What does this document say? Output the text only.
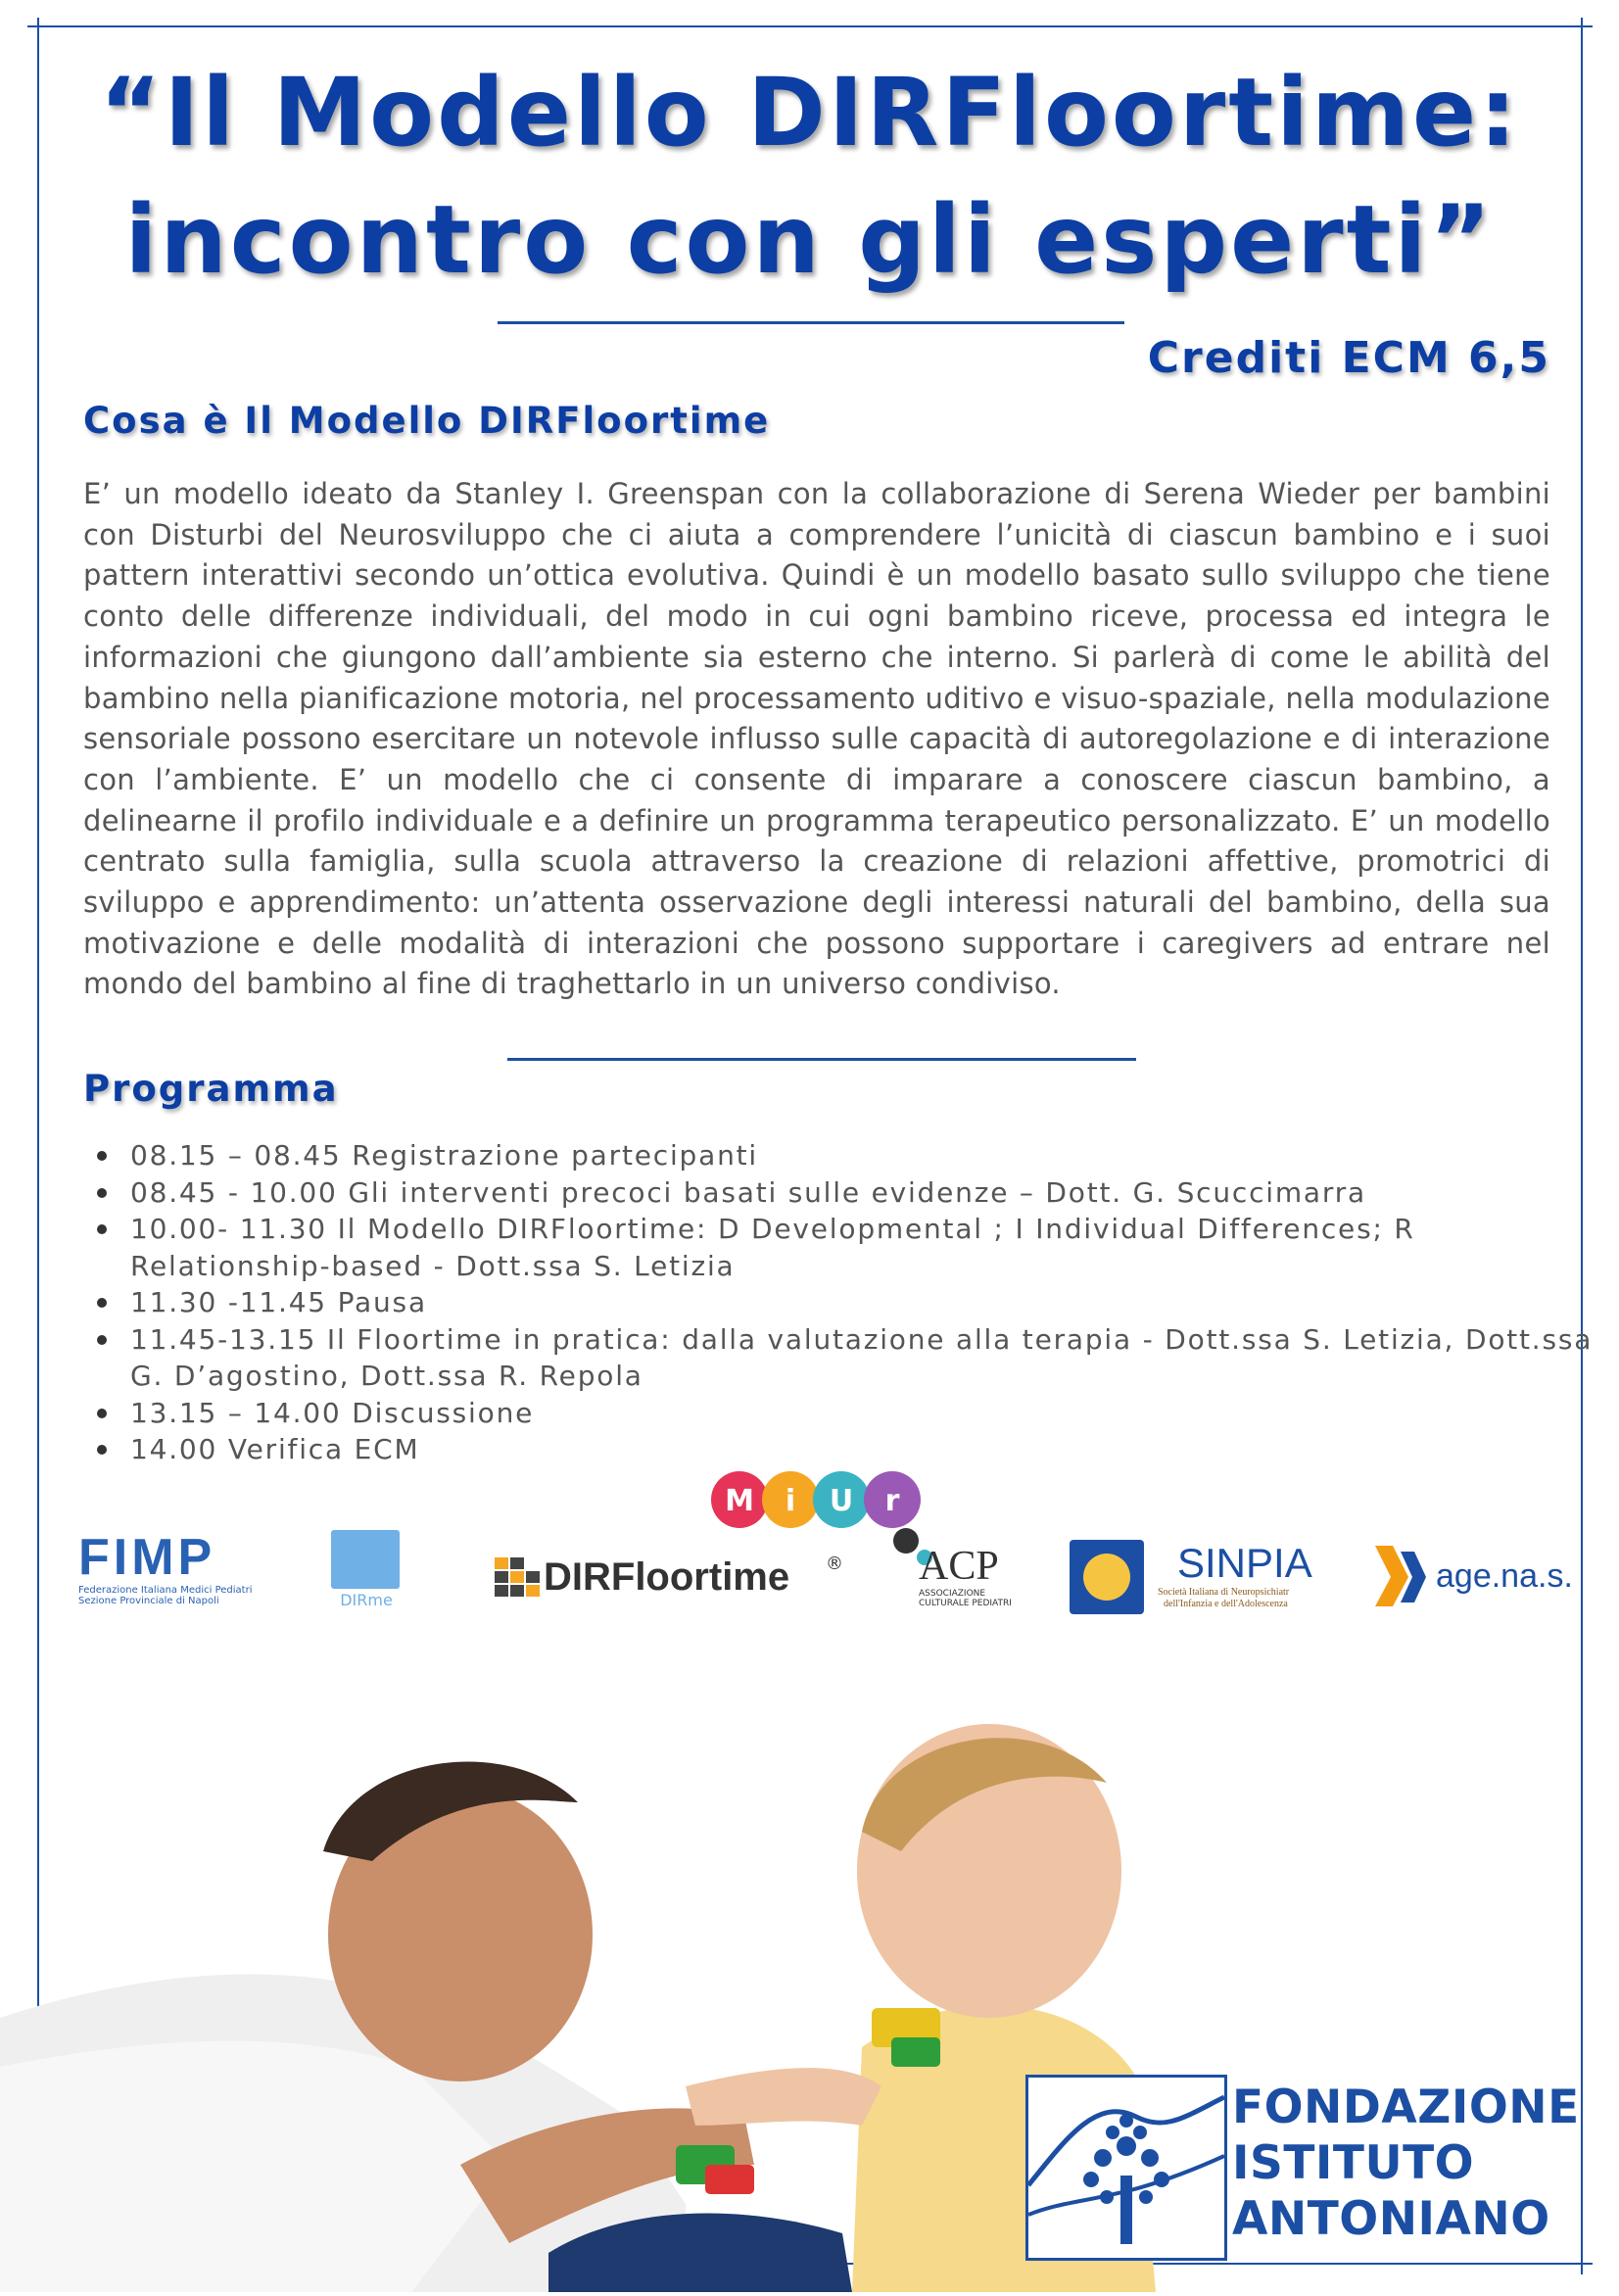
“Il Modello DIRFloortime:
incontro con gli esperti”
Crediti ECM 6,5
Cosa è Il Modello DIRFloortime
E’ un modello ideato da Stanley I. Greenspan con la collaborazione di Serena Wieder per bambini con Disturbi del Neurosviluppo che ci aiuta a comprendere l’unicità di ciascun bambino e i suoi pattern interattivi secondo un’ottica evolutiva. Quindi è un modello basato sullo sviluppo che tiene conto delle differenze individuali, del modo in cui ogni bambino riceve, processa ed integra le informazioni che giungono dall’ambiente sia esterno che interno. Si parlerà di come le abilità del bambino nella pianificazione motoria, nel processamento uditivo e visuo-spaziale, nella modulazione sensoriale possono esercitare un notevole influsso sulle capacità di autoregolazione e di interazione con l’ambiente. E’ un modello che ci consente di imparare a conoscere ciascun bambino, a delinearne il profilo individuale e a definire un programma terapeutico personalizzato. E’ un modello centrato sulla famiglia, sulla scuola attraverso la creazione di relazioni affettive, promotrici di sviluppo e apprendimento: un’attenta osservazione degli interessi naturali del bambino, della sua motivazione e delle modalità di interazioni che possono supportare i caregivers ad entrare nel mondo del bambino al fine di traghettarlo in un universo condiviso.
Programma
08.15 – 08.45 Registrazione partecipanti
08.45 - 10.00 Gli interventi precoci basati sulle evidenze – Dott. G. Scuccimarra
10.00- 11.30 Il Modello DIRFloortime: D Developmental ; I Individual Differences; R Relationship-based - Dott.ssa S. Letizia
11.30 -11.45 Pausa
11.45-13.15 Il Floortime in pratica: dalla valutazione alla terapia - Dott.ssa S. Letizia, Dott.ssa G. D’agostino, Dott.ssa R. Repola
13.15 – 14.00 Discussione
14.00 Verifica ECM
M i U r
FIMP
Federazione Italiana Medici Pediatri
Sezione Provinciale di Napoli	DIRme
DIRFloortime ® ACP
ASSOCIAZIONE
CULTURALE PEDIATRI
SINPIA
Società Italiana di Neuropsichiatr
dell'Infanzia e dell'Adolescenza
age.na.s.
FONDAZIONE
ISTITUTO
ANTONIANO
